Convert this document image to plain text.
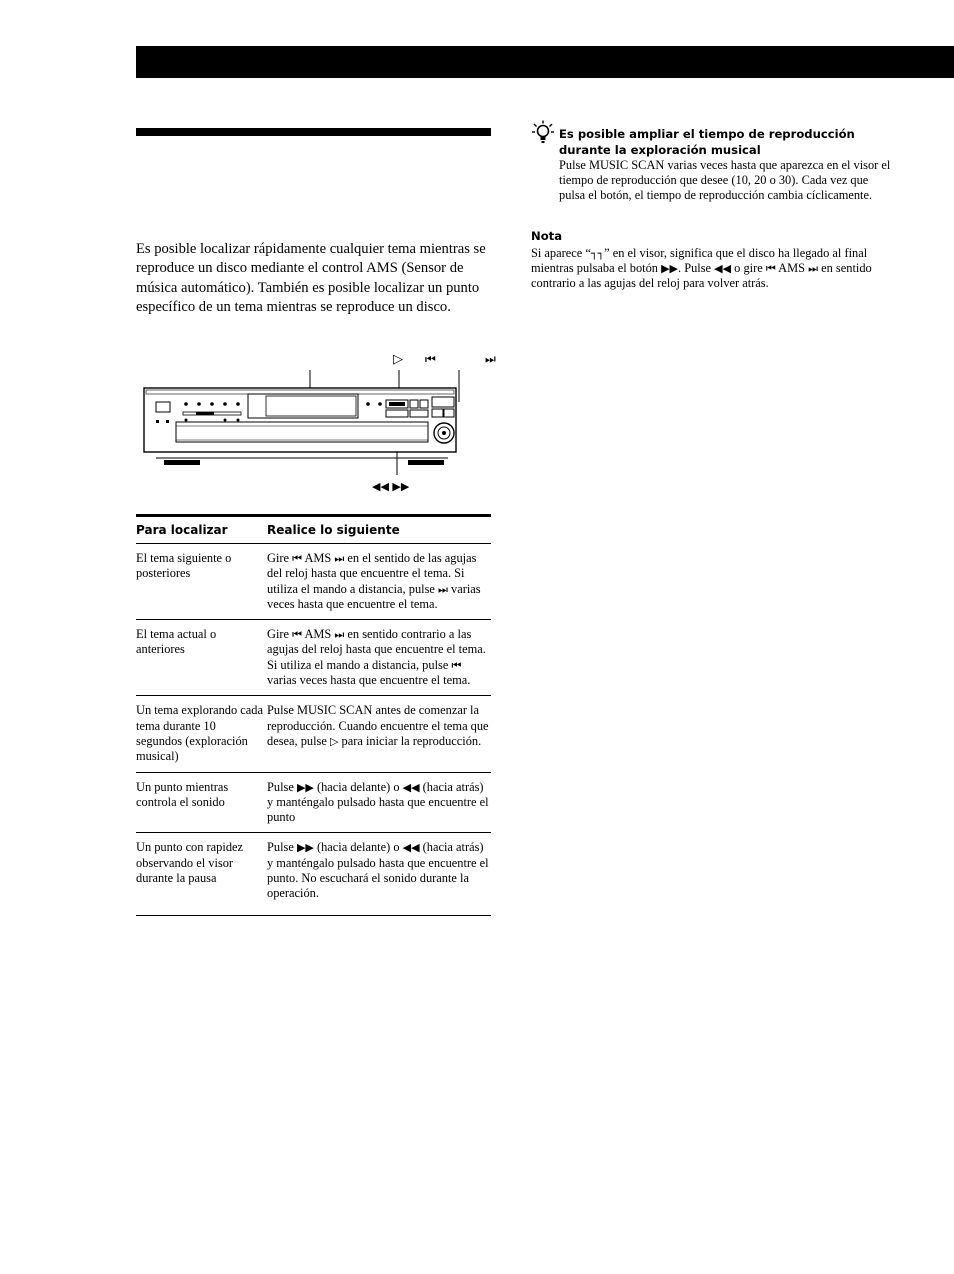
Es posible localizar rápidamente cualquier tema mientras se reproduce un disco mediante el control AMS (Sensor de música automático). También es posible localizar un punto específico de un tema mientras se reproduce un disco.

▷ ⏮	⏭
◀◀ ▶▶
Para localizar	Realice lo siguiente
El tema siguiente o posteriores
Gire ⏮ AMS ⏭ en el sentido de las agujas del reloj hasta que encuentre el tema. Si utiliza el mando a distancia, pulse ⏭ varias veces hasta que encuentre el tema.
El tema actual o anteriores
Gire ⏮ AMS ⏭ en sentido contrario a las agujas del reloj hasta que encuentre el tema. Si utiliza el mando a distancia, pulse ⏮ varias veces hasta que encuentre el tema.
Un tema explorando cada tema durante 10 segundos (exploración musical)
Pulse MUSIC SCAN antes de comenzar la reproducción. Cuando encuentre el tema que desea, pulse ▷ para iniciar la reproducción.
Un punto mientras controla el sonido
Pulse ▶▶ (hacia delante) o ◀◀ (hacia atrás) y manténgalo pulsado hasta que encuentre el punto
Un punto con rapidez observando el visor durante la pausa
Pulse ▶▶ (hacia delante) o ◀◀ (hacia atrás) y manténgalo pulsado hasta que encuentre el punto. No escuchará el sonido durante la operación.
Es posible ampliar el tiempo de reproducción durante la exploración musical

Pulse MUSIC SCAN varias veces hasta que aparezca en el visor el tiempo de reproducción que desee (10, 20 o 30). Cada vez que pulsa el botón, el tiempo de reproducción cambia cíclicamente.

Nota

Si aparece “┐┐” en el visor, significa que el disco ha llegado al final mientras pulsaba el botón ▶▶. Pulse ◀◀ o gire ⏮ AMS ⏭ en sentido contrario a las agujas del reloj para volver atrás.
